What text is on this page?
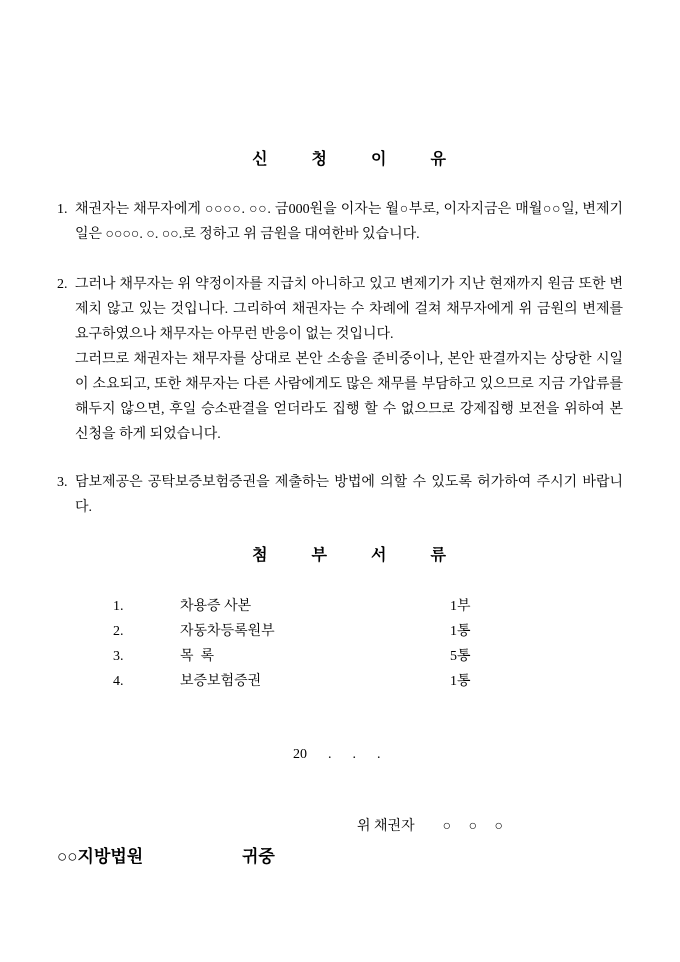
신 청 이 유
1. 채권자는 채무자에게 ○○○○. ○○. 금000원을 이자는 월○부로, 이자지금은 매월○○일, 변제기일은 ○○○○. ○. ○○.로 정하고 위 금원을 대여한바 있습니다.
2. 그러나 채무자는 위 약정이자를 지급치 아니하고 있고 변제기가 지난 현재까지 원금 또한 변제치 않고 있는 것입니다. 그리하여 채권자는 수 차례에 걸쳐 채무자에게 위 금원의 변제를 요구하였으나 채무자는 아무런 반응이 없는 것입니다.
그러므로 채권자는 채무자를 상대로 본안 소송을 준비중이나, 본안 판결까지는 상당한 시일이 소요되고, 또한 채무자는 다른 사람에게도 많은 채무를 부담하고 있으므로 지금 가압류를 해두지 않으면, 후일 승소판결을 얻더라도 집행 할 수 없으므로 강제집행 보전을 위하여 본 신청을 하게 되었습니다.
3. 담보제공은 공탁보증보험증권을 제출하는 방법에 의할 수 있도록 허가하여 주시기 바랍니다.
첨 부 서 류
1.	차용증 사본	1부
2.	자동차등록원부	1통
3.	목  록	5통
4.	보증보험증권	1통
20      .      .      .

위 채권자 ○     ○     ○

○○지방법원	귀중
